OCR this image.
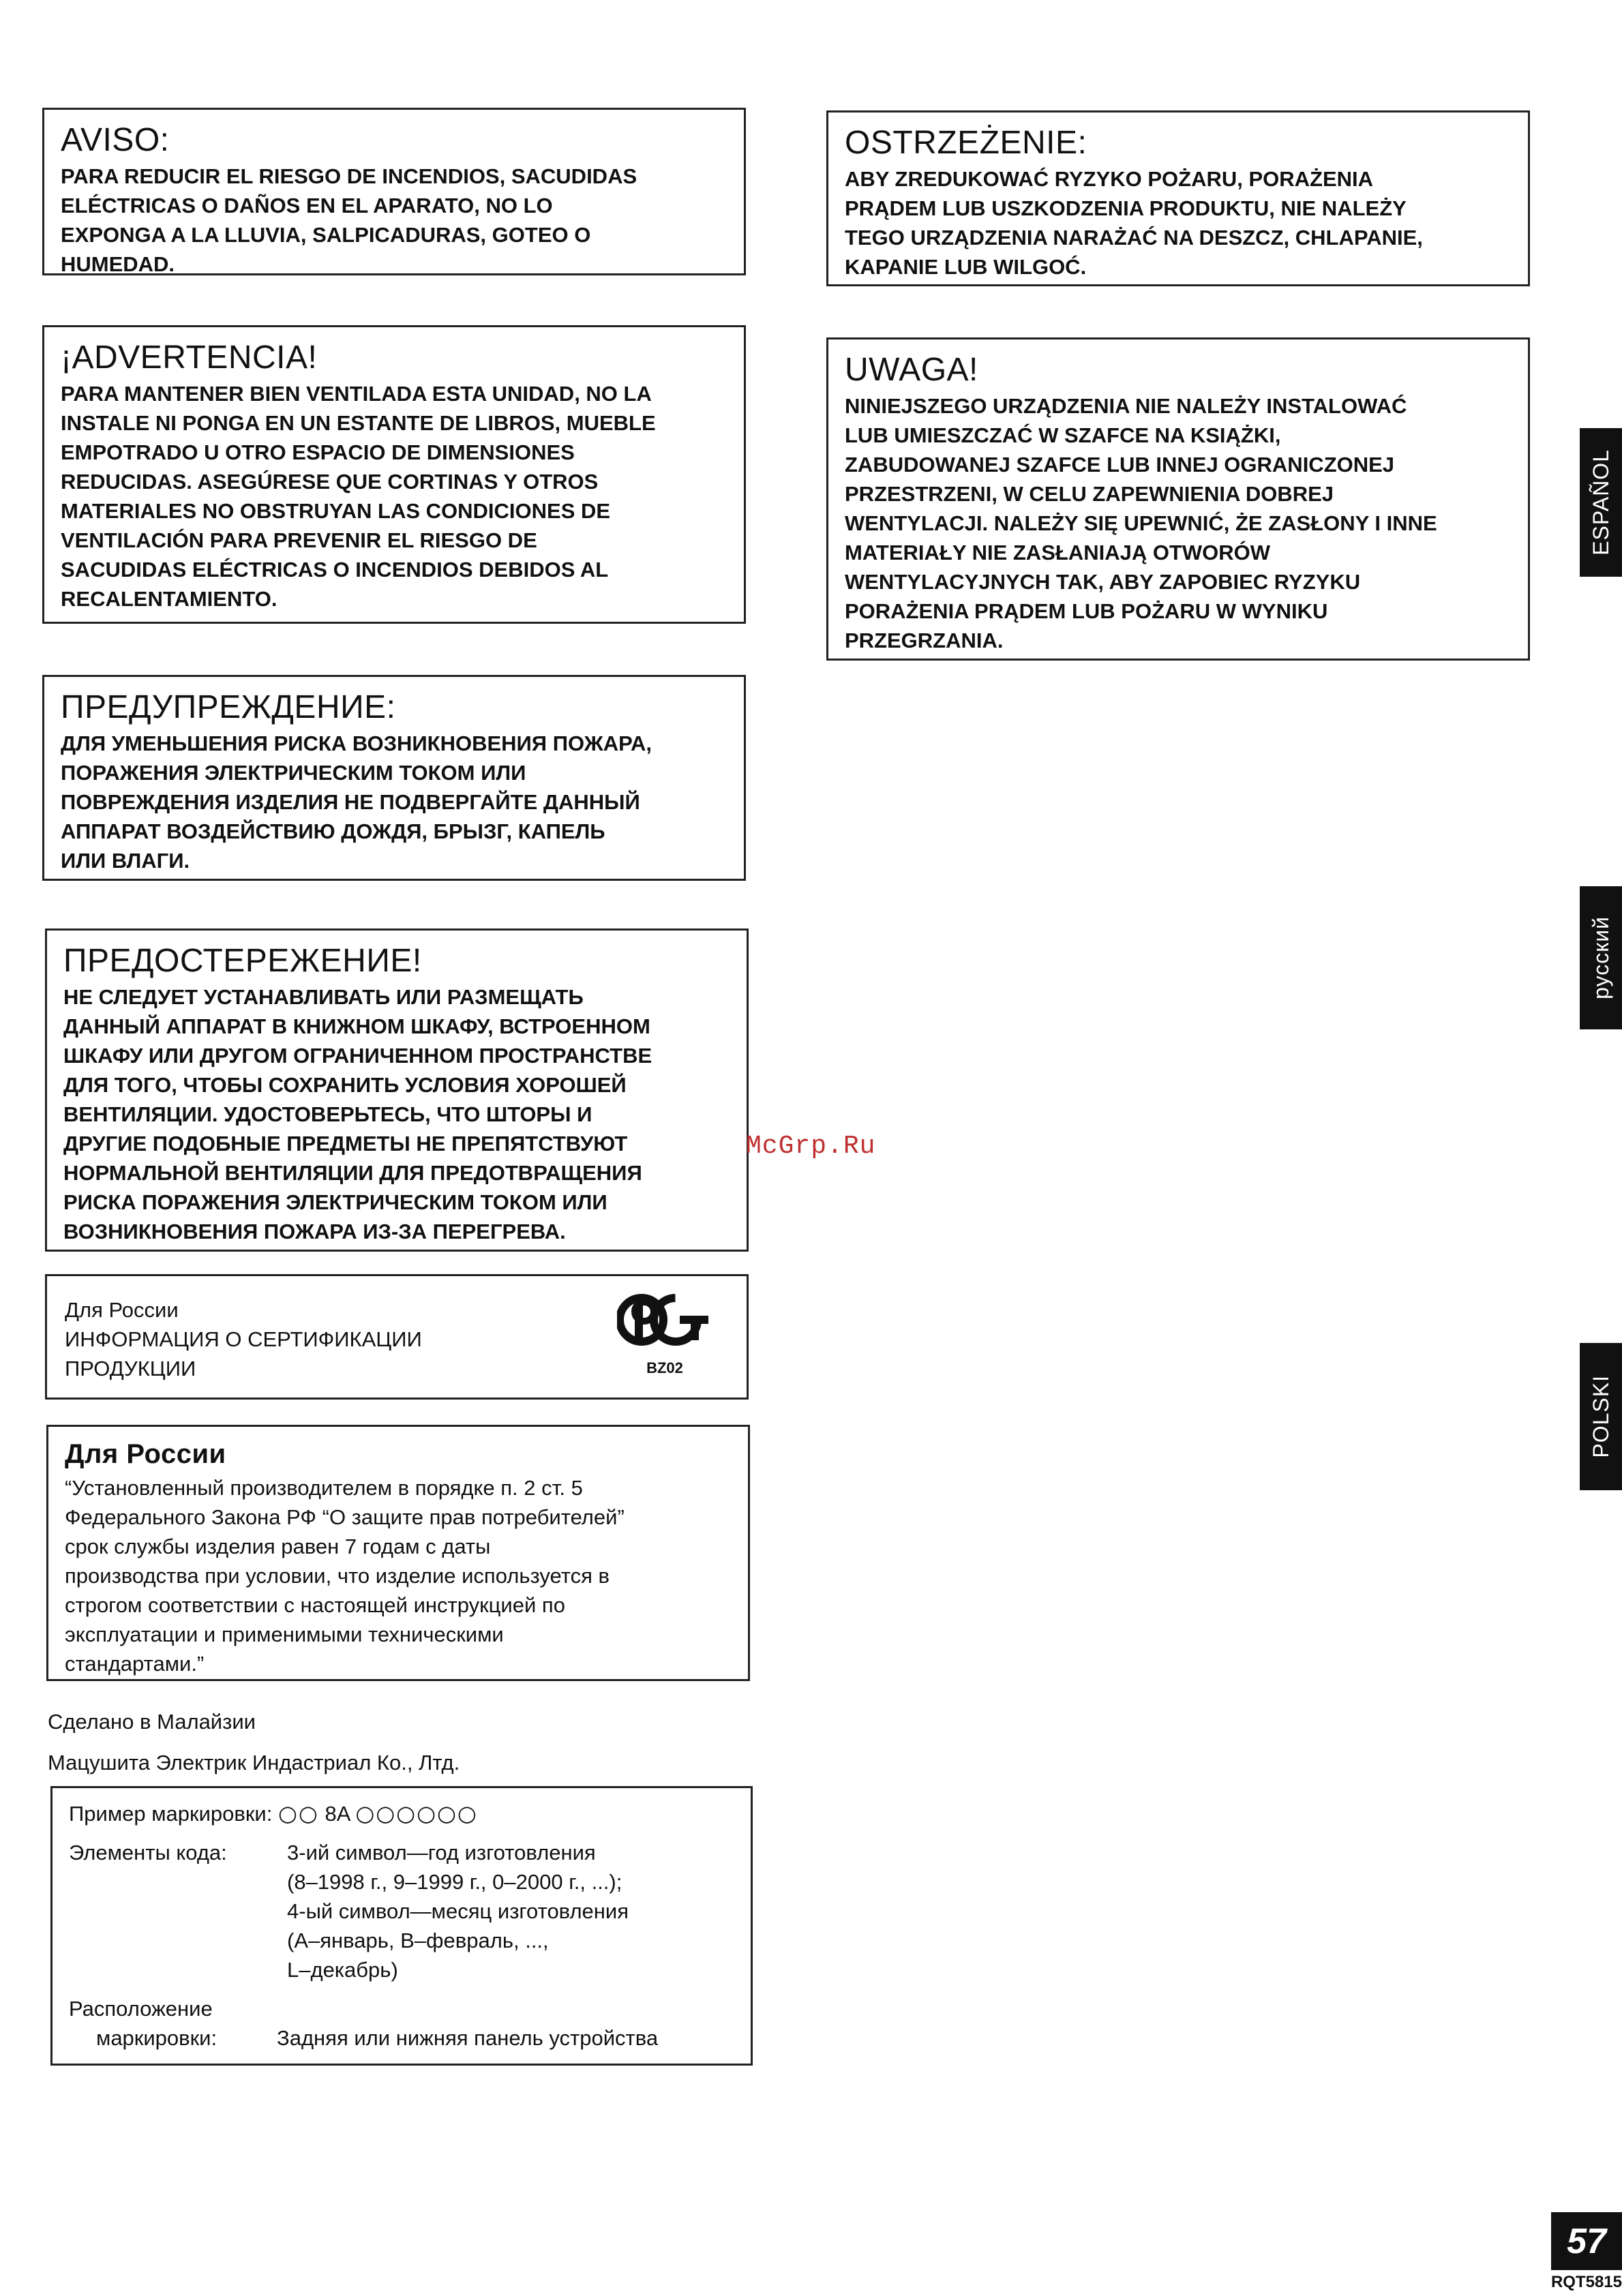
AVISO:

PARA REDUCIR EL RIESGO DE INCENDIOS, SACUDIDAS

ELÉCTRICAS O DAÑOS EN EL APARATO, NO LO

EXPONGA A LA LLUVIA, SALPICADURAS, GOTEO O

HUMEDAD.

¡ADVERTENCIA!

PARA MANTENER BIEN VENTILADA ESTA UNIDAD, NO LA

INSTALE NI PONGA EN UN ESTANTE DE LIBROS, MUEBLE

EMPOTRADO U OTRO ESPACIO DE DIMENSIONES

REDUCIDAS. ASEGÚRESE QUE CORTINAS Y OTROS

MATERIALES NO OBSTRUYAN LAS CONDICIONES DE

VENTILACIÓN PARA PREVENIR EL RIESGO DE

SACUDIDAS ELÉCTRICAS O INCENDIOS DEBIDOS AL

RECALENTAMIENTO.

ПРЕДУПРЕЖДЕНИЕ:

ДЛЯ УМЕНЬШЕНИЯ РИСКА ВОЗНИКНОВЕНИЯ ПОЖАРА,

ПОРАЖЕНИЯ ЭЛЕКТРИЧЕСКИМ ТОКОМ ИЛИ

ПОВРЕЖДЕНИЯ ИЗДЕЛИЯ НЕ ПОДВЕРГАЙТЕ ДАННЫЙ

АППАРАТ ВОЗДЕЙСТВИЮ ДОЖДЯ, БРЫЗГ, КАПЕЛЬ

ИЛИ ВЛАГИ.

ПРЕДОСТЕРЕЖЕНИЕ!

НЕ СЛЕДУЕТ УСТАНАВЛИВАТЬ ИЛИ РАЗМЕЩАТЬ

ДАННЫЙ АППАРАТ В КНИЖНОМ ШКАФУ, ВСТРОЕННОМ

ШКАФУ ИЛИ ДРУГОМ ОГРАНИЧЕННОМ ПРОСТРАНСТВЕ

ДЛЯ ТОГО, ЧТОБЫ СОХРАНИТЬ УСЛОВИЯ ХОРОШЕЙ

ВЕНТИЛЯЦИИ. УДОСТОВЕРЬТЕСЬ, ЧТО ШТОРЫ И

ДРУГИЕ ПОДОБНЫЕ ПРЕДМЕТЫ НЕ ПРЕПЯТСТВУЮТ

НОРМАЛЬНОЙ ВЕНТИЛЯЦИИ ДЛЯ ПРЕДОТВРАЩЕНИЯ

РИСКА ПОРАЖЕНИЯ ЭЛЕКТРИЧЕСКИМ ТОКОМ ИЛИ

ВОЗНИКНОВЕНИЯ ПОЖАРА ИЗ-ЗА ПЕРЕГРЕВА.

OSTRZEŻENIE:

ABY ZREDUKOWAĆ RYZYKO POŻARU, PORAŻENIA

PRĄDEM LUB USZKODZENIA PRODUKTU, NIE NALEŻY

TEGO URZĄDZENIA NARAŻAĆ NA DESZCZ, CHLAPANIE,

KAPANIE LUB WILGOĆ.

UWAGA!

NINIEJSZEGO URZĄDZENIA NIE NALEŻY INSTALOWAĆ

LUB UMIESZCZAĆ W SZAFCE NA KSIĄŻKI,

ZABUDOWANEJ SZAFCE LUB INNEJ OGRANICZONEJ

PRZESTRZENI, W CELU ZAPEWNIENIA DOBREJ

WENTYLACJI. NALEŻY SIĘ UPEWNIĆ, ŻE ZASŁONY I INNE

MATERIAŁY NIE ZASŁANIAJĄ OTWORÓW

WENTYLACYJNYCH TAK, ABY ZAPOBIEC RYZYKU

PORAŻENIA PRĄDEM LUB POŻARU W WYNIKU

PRZEGRZANIA.

Для России
ИНФОРМАЦИЯ О СЕРТИФИКАЦИИ
ПРОДУКЦИИ	BZ02
Для России

“Установленный производителем в порядке п. 2 ст. 5

Федерального Закона РФ “О защите прав потребителей”

срок службы изделия равен 7 годам с даты

производства при условии, что изделие используется в

строгом соответствии с настоящей инструкцией по

эксплуатации и применимыми техническими

стандартами.”

Сделано в Малайзии
Мацушита Электрик Индастриал Ко., Лтд.
Пример маркировки: ○○ 8A ○○○○○○
Элементы кода:	3-ий символ—год изготовления
(8–1998 г., 9–1999 г., 0–2000 г., ...);
4-ый символ—месяц изготовления
(A–январь, B–февраль, ...,
L–декабрь)
Расположение
маркировки:	Задняя или нижняя панель устройства
McGrp.Ru
ESPAÑOL
русский
POLSKI
57
RQT5815
